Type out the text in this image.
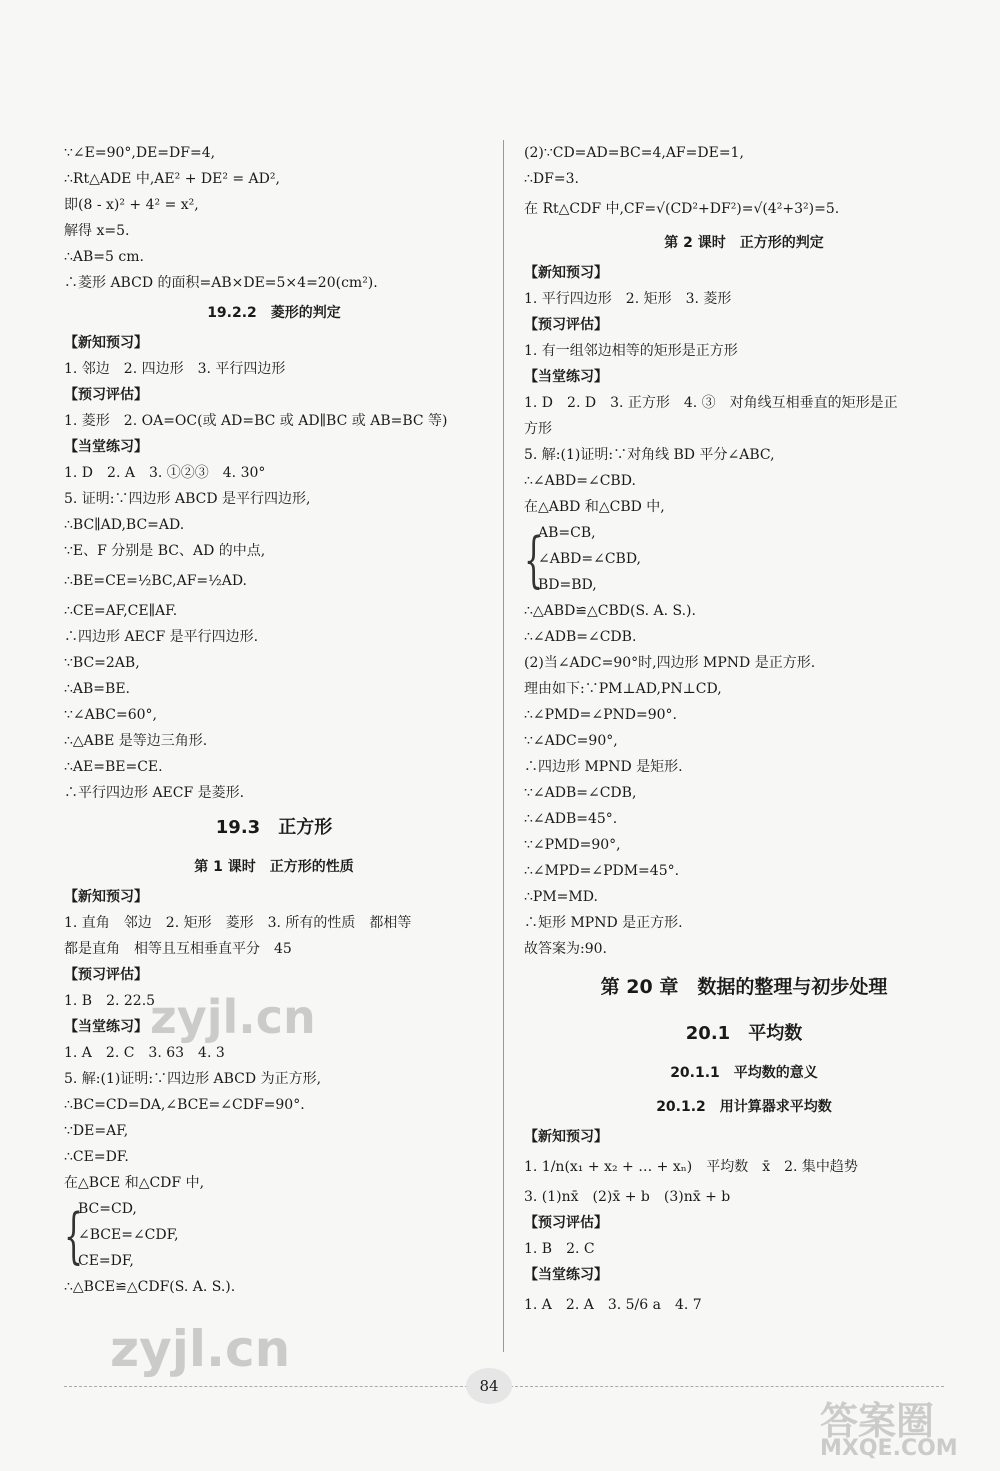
∵∠E=90°,DE=DF=4,
∴Rt△ADE 中,AE² + DE² = AD²,
即(8 - x)² + 4² = x²,
解得 x=5.
∴AB=5 cm.
∴菱形 ABCD 的面积=AB×DE=5×4=20(cm²).
19.2.2　菱形的判定
【新知预习】
1. 邻边　2. 四边形　3. 平行四边形
【预习评估】
1. 菱形　2. OA=OC(或 AD=BC 或 AD∥BC 或 AB=BC 等)
【当堂练习】
1. D　2. A　3. ①②③　4. 30°
5. 证明:∵四边形 ABCD 是平行四边形,
∴BC∥AD,BC=AD.
∵E、F 分别是 BC、AD 的中点,
∴BE=CE=½BC,AF=½AD.
∴CE=AF,CE∥AF.
∴四边形 AECF 是平行四边形.
∵BC=2AB,
∴AB=BE.
∵∠ABC=60°,
∴△ABE 是等边三角形.
∴AE=BE=CE.
∴平行四边形 AECF 是菱形.
19.3　正方形
第 1 课时　正方形的性质
【新知预习】
1. 直角　邻边　2. 矩形　菱形　3. 所有的性质　都相等
都是直角　相等且互相垂直平分　45
【预习评估】
1. B　2. 22.5
【当堂练习】
1. A　2. C　3. 63　4. 3
5. 解:(1)证明:∵四边形 ABCD 为正方形,
∴BC=CD=DA,∠BCE=∠CDF=90°.
∵DE=AF,
∴CE=DF.
在△BCE 和△CDF 中,
{
BC=CD,
∠BCE=∠CDF,
CE=DF,
∴△BCE≌△CDF(S. A. S.).
(2)∵CD=AD=BC=4,AF=DE=1,
∴DF=3.
在 Rt△CDF 中,CF=√(CD²+DF²)=√(4²+3²)=5.
第 2 课时　正方形的判定
【新知预习】
1. 平行四边形　2. 矩形　3. 菱形
【预习评估】
1. 有一组邻边相等的矩形是正方形
【当堂练习】
1. D　2. D　3. 正方形　4. ③　对角线互相垂直的矩形是正
方形
5. 解:(1)证明:∵对角线 BD 平分∠ABC,
∴∠ABD=∠CBD.
在△ABD 和△CBD 中,
{
AB=CB,
∠ABD=∠CBD,
BD=BD,
∴△ABD≌△CBD(S. A. S.).
∴∠ADB=∠CDB.
(2)当∠ADC=90°时,四边形 MPND 是正方形.
理由如下:∵PM⊥AD,PN⊥CD,
∴∠PMD=∠PND=90°.
∵∠ADC=90°,
∴四边形 MPND 是矩形.
∵∠ADB=∠CDB,
∴∠ADB=45°.
∵∠PMD=90°,
∴∠MPD=∠PDM=45°.
∴PM=MD.
∴矩形 MPND 是正方形.
故答案为:90.
第 20 章　数据的整理与初步处理
20.1　平均数
20.1.1　平均数的意义
20.1.2　用计算器求平均数
【新知预习】
1. 1/n(x₁ + x₂ + … + xₙ)　平均数　x̄　2. 集中趋势
3. (1)nx̄　(2)x̄ + b　(3)nx̄ + b
【预习评估】
1. B　2. C
【当堂练习】
1. A　2. A　3. 5/6 a　4. 7
84
zyjl.cn
zyjl.cn
答案圈
MXQE.COM
